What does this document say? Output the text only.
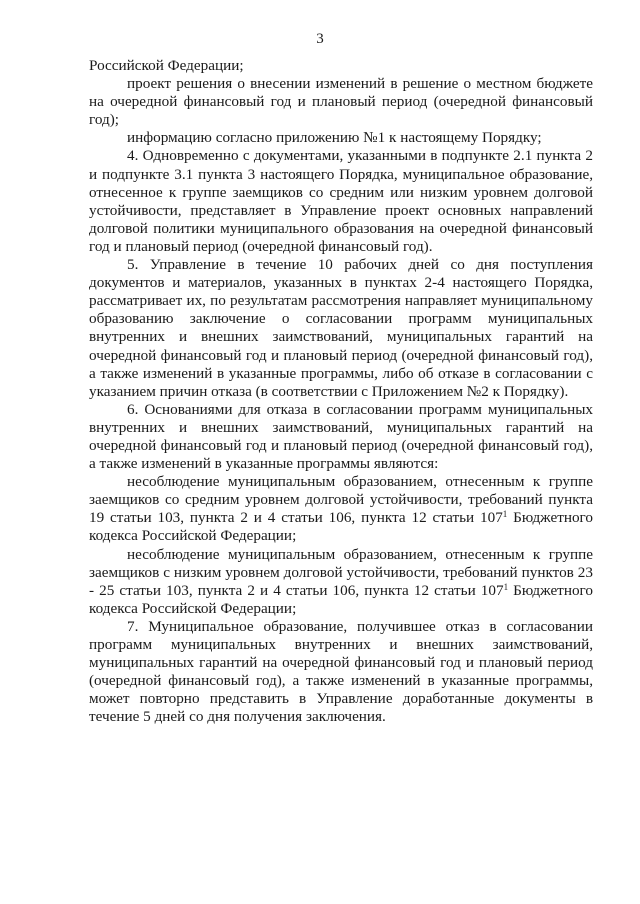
3

Российской Федерации;

проект решения о внесении изменений в решение о местном бюджете на очередной финансовый год и плановый период (очередной финансовый год);

информацию согласно приложению №1 к настоящему Порядку;

4. Одновременно с документами, указанными в подпункте 2.1 пункта 2 и подпункте 3.1 пункта 3 настоящего Порядка, муниципальное образование, отнесенное к группе заемщиков со средним или низким уровнем долговой устойчивости, представляет в Управление проект основных направлений долговой политики муниципального образования на очередной финансовый год и плановый период (очередной финансовый год).

5. Управление в течение 10 рабочих дней со дня поступления документов и материалов, указанных в пунктах 2-4 настоящего Порядка, рассматривает их, по результатам рассмотрения направляет муниципальному образованию заключение о согласовании программ муниципальных внутренних и внешних заимствований, муниципальных гарантий на очередной финансовый год и плановый период (очередной финансовый год), а также изменений в указанные программы, либо об отказе в согласовании с указанием причин отказа (в соответствии с Приложением №2 к Порядку).

6. Основаниями для отказа в согласовании программ муниципальных внутренних и внешних заимствований, муниципальных гарантий на очередной финансовый год и плановый период (очередной финансовый год), а также изменений в указанные программы являются:

несоблюдение муниципальным образованием, отнесенным к группе заемщиков со средним уровнем долговой устойчивости, требований пункта 19 статьи 103, пункта 2 и 4 статьи 106, пункта 12 статьи $107^1$ Бюджетного кодекса Российской Федерации;

несоблюдение муниципальным образованием, отнесенным к группе заемщиков с низким уровнем долговой устойчивости, требований пунктов 23 - 25 статьи 103, пункта 2 и 4 статьи 106, пункта 12 статьи $107^1$ Бюджетного кодекса Российской Федерации;

7. Муниципальное образование, получившее отказ в согласовании программ муниципальных внутренних и внешних заимствований, муниципальных гарантий на очередной финансовый год и плановый период (очередной финансовый год), а также изменений в указанные программы, может повторно представить в Управление доработанные документы в течение 5 дней со дня получения заключения.
